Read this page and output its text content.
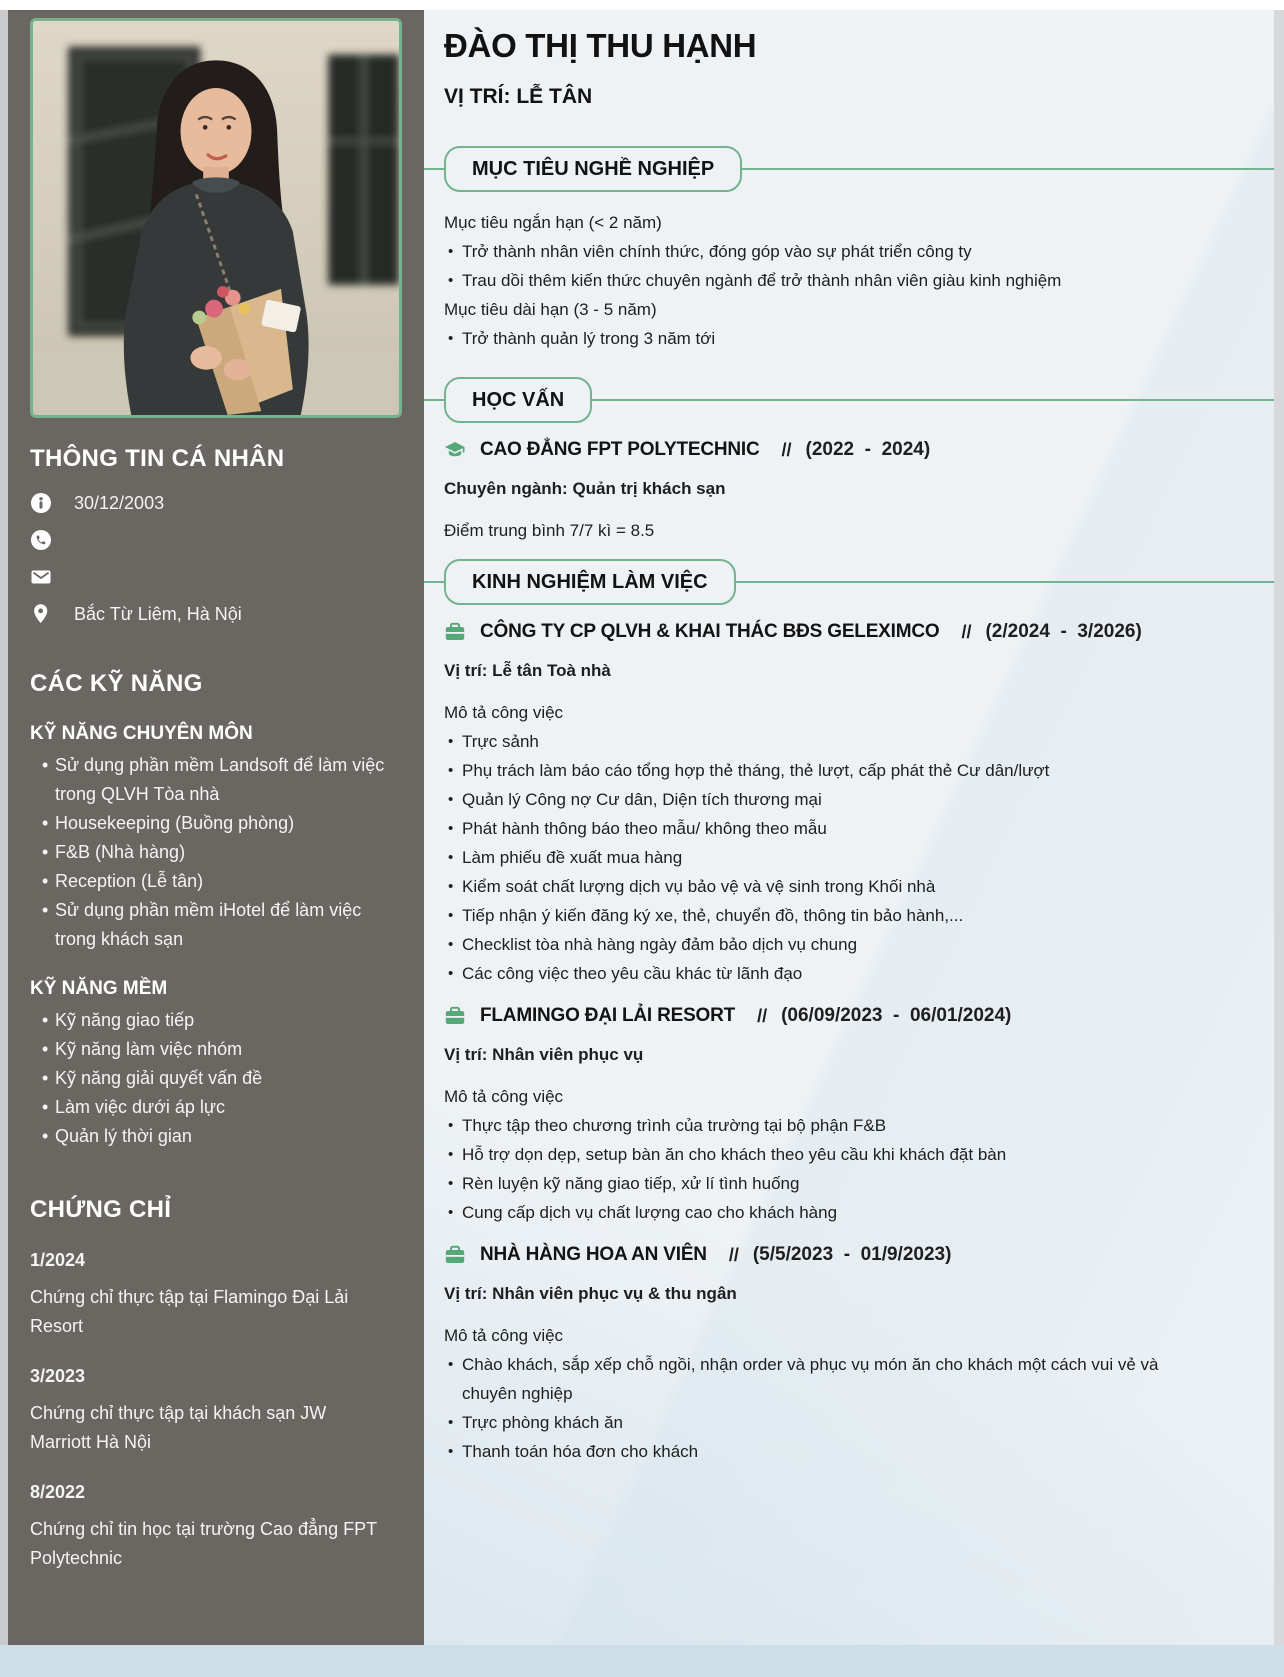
THÔNG TIN CÁ NHÂN
30/12/2003
Bắc Từ Liêm, Hà Nội
CÁC KỸ NĂNG
KỸ NĂNG CHUYÊN MÔN
• Sử dụng phần mềm Landsoft để làm việc trong QLVH Tòa nhà
• Housekeeping (Buồng phòng)
• F&B (Nhà hàng)
• Reception (Lễ tân)
• Sử dụng phần mềm iHotel để làm việc trong khách sạn
KỸ NĂNG MỀM
• Kỹ năng giao tiếp
• Kỹ năng làm việc nhóm
• Kỹ năng giải quyết vấn đề
• Làm việc dưới áp lực
• Quản lý thời gian
CHỨNG CHỈ
1/2024
Chứng chỉ thực tập tại Flamingo Đại Lải Resort
3/2023
Chứng chỉ thực tập tại khách sạn JW Marriott Hà Nội
8/2022
Chứng chỉ tin học tại trường Cao đẳng FPT Polytechnic
ĐÀO THỊ THU HẠNH
VỊ TRÍ: LỄ TÂN
MỤC TIÊU NGHỀ NGHIỆP
Mục tiêu ngắn hạn (< 2 năm)
• Trở thành nhân viên chính thức, đóng góp vào sự phát triển công ty
• Trau dồi thêm kiến thức chuyên ngành để trở thành nhân viên giàu kinh nghiệm
Mục tiêu dài hạn (3 - 5 năm)
• Trở thành quản lý trong 3 năm tới
HỌC VẤN
CAO ĐẲNG FPT POLYTECHNIC // (2022  -  2024)
Chuyên ngành: Quản trị khách sạn
Điểm trung bình 7/7 kì = 8.5
KINH NGHIỆM LÀM VIỆC
CÔNG TY CP QLVH & KHAI THÁC BĐS GELEXIMCO // (2/2024  -  3/2026)
Vị trí: Lễ tân Toà nhà
Mô tả công việc
• Trực sảnh
• Phụ trách làm báo cáo tổng hợp thẻ tháng, thẻ lượt, cấp phát thẻ Cư dân/lượt
• Quản lý Công nợ Cư dân, Diện tích thương mại
• Phát hành thông báo theo mẫu/ không theo mẫu
• Làm phiếu đề xuất mua hàng
• Kiểm soát chất lượng dịch vụ bảo vệ và vệ sinh trong Khối nhà
• Tiếp nhận ý kiến đăng ký xe, thẻ, chuyển đồ, thông tin bảo hành,...
• Checklist tòa nhà hàng ngày đảm bảo dịch vụ chung
• Các công việc theo yêu cầu khác từ lãnh đạo
FLAMINGO ĐẠI LẢI RESORT // (06/09/2023  -  06/01/2024)
Vị trí: Nhân viên phục vụ
Mô tả công việc
• Thực tập theo chương trình của trường tại bộ phận F&B
• Hỗ trợ dọn dẹp, setup bàn ăn cho khách theo yêu cầu khi khách đặt bàn
• Rèn luyện kỹ năng giao tiếp, xử lí tình huống
• Cung cấp dịch vụ chất lượng cao cho khách hàng
NHÀ HÀNG HOA AN VIÊN // (5/5/2023  -  01/9/2023)
Vị trí: Nhân viên phục vụ & thu ngân
Mô tả công việc
• Chào khách, sắp xếp chỗ ngồi, nhận order và phục vụ món ăn cho khách một cách vui vẻ và chuyên nghiệp
• Trực phòng khách ăn
• Thanh toán hóa đơn cho khách
